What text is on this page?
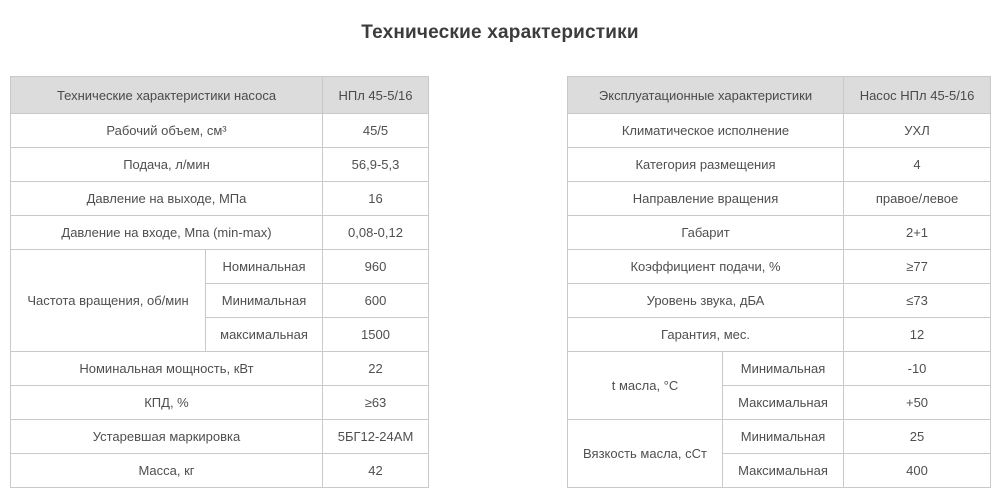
Технические характеристики
Технические характеристики насоса		НПл 45-5/16
Рабочий объем, см³		45/5
Подача, л/мин		56,9-5,3
Давление на выходе, МПа		16
Давление на входе, Мпа (min-max)		0,08-0,12
Частота вращения, об/мин	Номинальная	960
	Минимальная	600
	максимальная	1500
Номинальная мощность, кВт		22
КПД, %		≥63
Устаревшая маркировка		5БГ12-24АМ
Масса, кг		42
Эксплуатационные характеристики		Насос НПл 45-5/16
Климатическое исполнение		УХЛ
Категория размещения		4
Направление вращения		правое/левое
Габарит		2+1
Коэффициент подачи, %		≥77
Уровень звука, дБА		≤73
Гарантия, мес.		12
t масла, °С	Минимальная	-10
	Максимальная	+50
Вязкость масла, сСт	Минимальная	25
	Максимальная	400
